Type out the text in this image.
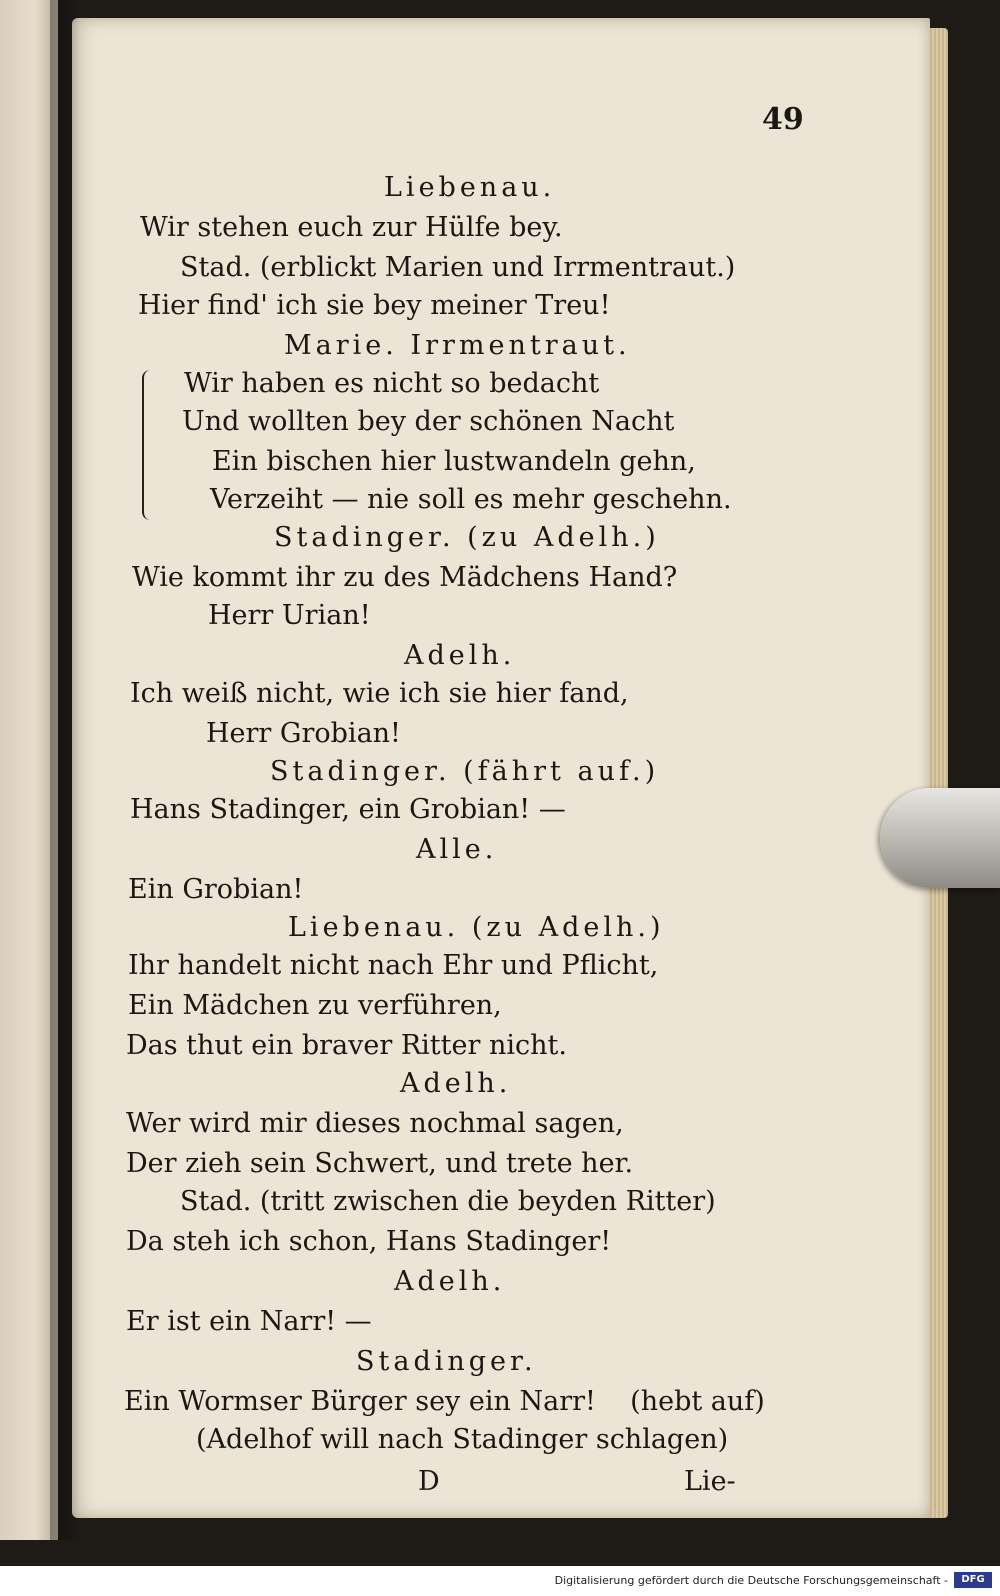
49
Liebenau.
Wir stehen euch zur Hülfe bey.
Stad. (erblickt Marien und Irrmentraut.)
Hier find' ich sie bey meiner Treu!
Marie. Irrmentraut.
Wir haben es nicht so bedacht
Und wollten bey der schönen Nacht
Ein bischen hier lustwandeln gehn,
Verzeiht — nie soll es mehr geschehn.
Stadinger. (zu Adelh.)
Wie kommt ihr zu des Mädchens Hand?
Herr Urian!
Adelh.
Ich weiß nicht, wie ich sie hier fand,
Herr Grobian!
Stadinger. (fährt auf.)
Hans Stadinger, ein Grobian! —
Alle.
Ein Grobian!
Liebenau. (zu Adelh.)
Ihr handelt nicht nach Ehr und Pflicht,
Ein Mädchen zu verführen,
Das thut ein braver Ritter nicht.
Adelh.
Wer wird mir dieses nochmal sagen,
Der zieh sein Schwert, und trete her.
Stad. (tritt zwischen die beyden Ritter)
Da steh ich schon, Hans Stadinger!
Adelh.
Er ist ein Narr! —
Stadinger.
Ein Wormser Bürger sey ein Narr!    (hebt auf)
(Adelhof will nach Stadinger schlagen)
D	Lie-
Digitalisierung gefördert durch die Deutsche Forschungsgemeinschaft -	DFG
